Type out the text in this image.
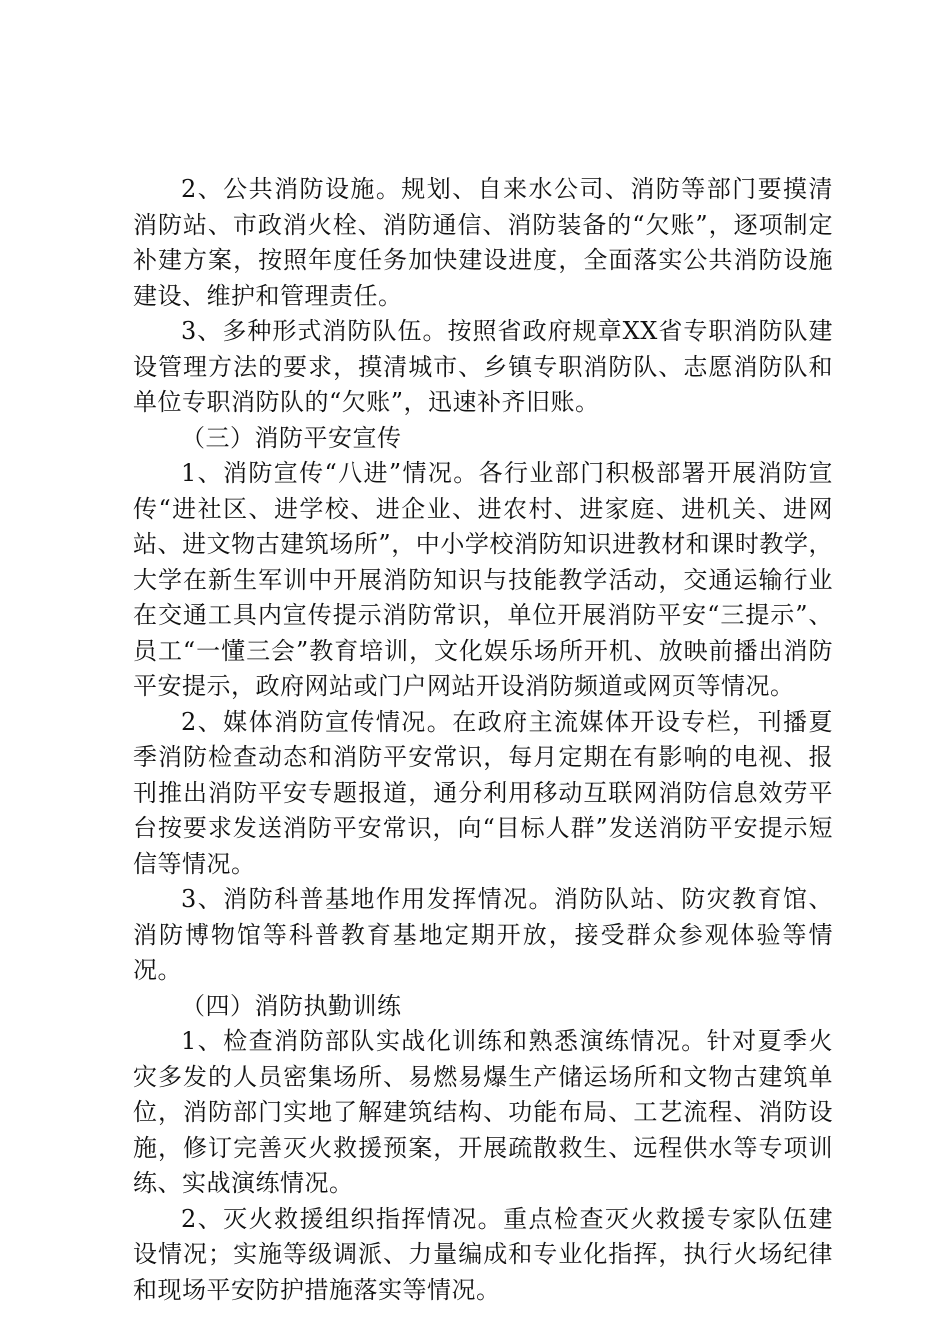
2、公共消防设施。规划、自来水公司、消防等部门要摸清消防站、市政消火栓、消防通信、消防装备的“欠账”，逐项制定补建方案，按照年度任务加快建设进度，全面落实公共消防设施建设、维护和管理责任。

3、多种形式消防队伍。按照省政府规章XX省专职消防队建设管理方法的要求，摸清城市、乡镇专职消防队、志愿消防队和单位专职消防队的“欠账”，迅速补齐旧账。

（三）消防平安宣传

1、消防宣传“八进”情况。各行业部门积极部署开展消防宣传“进社区、进学校、进企业、进农村、进家庭、进机关、进网站、进文物古建筑场所”，中小学校消防知识进教材和课时教学，大学在新生军训中开展消防知识与技能教学活动，交通运输行业在交通工具内宣传提示消防常识，单位开展消防平安“三提示”、员工“一懂三会”教育培训，文化娱乐场所开机、放映前播出消防平安提示，政府网站或门户网站开设消防频道或网页等情况。

2、媒体消防宣传情况。在政府主流媒体开设专栏，刊播夏季消防检查动态和消防平安常识，每月定期在有影响的电视、报刊推出消防平安专题报道，通分利用移动互联网消防信息效劳平台按要求发送消防平安常识，向“目标人群”发送消防平安提示短信等情况。

3、消防科普基地作用发挥情况。消防队站、防灾教育馆、消防博物馆等科普教育基地定期开放，接受群众参观体验等情况。

（四）消防执勤训练

1、检查消防部队实战化训练和熟悉演练情况。针对夏季火灾多发的人员密集场所、易燃易爆生产储运场所和文物古建筑单位，消防部门实地了解建筑结构、功能布局、工艺流程、消防设施，修订完善灭火救援预案，开展疏散救生、远程供水等专项训练、实战演练情况。

2、灭火救援组织指挥情况。重点检查灭火救援专家队伍建设情况；实施等级调派、力量编成和专业化指挥，执行火场纪律和现场平安防护措施落实等情况。
